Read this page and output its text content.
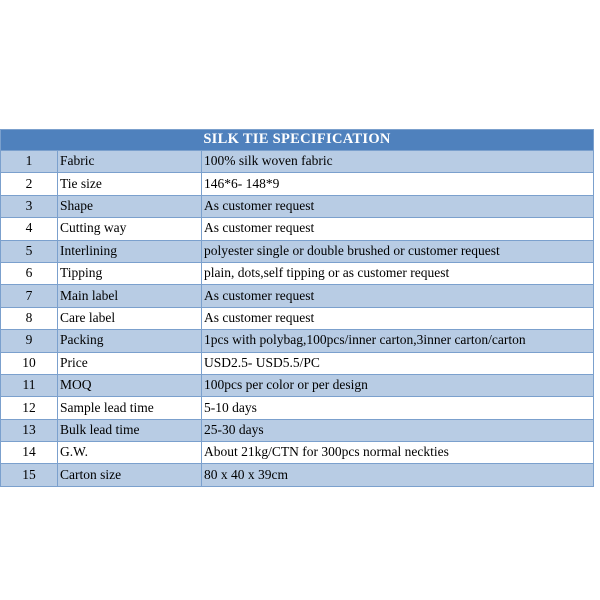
SILK TIE SPECIFICATION		
1	Fabric	100% silk woven fabric
2	Tie size	146*6- 148*9
3	Shape	As customer request
4	Cutting way	As customer request
5	Interlining	polyester single or double brushed or customer request
6	Tipping	plain, dots,self tipping or as customer request
7	Main label	As customer request
8	Care label	As customer request
9	Packing	1pcs with polybag,100pcs/inner carton,3inner carton/carton
10	Price	USD2.5- USD5.5/PC
11	MOQ	100pcs per color or per design
12	Sample lead time	5-10 days
13	Bulk lead time	25-30 days
14	G.W.	About 21kg/CTN for 300pcs normal neckties
15	Carton size	80 x 40 x 39cm
